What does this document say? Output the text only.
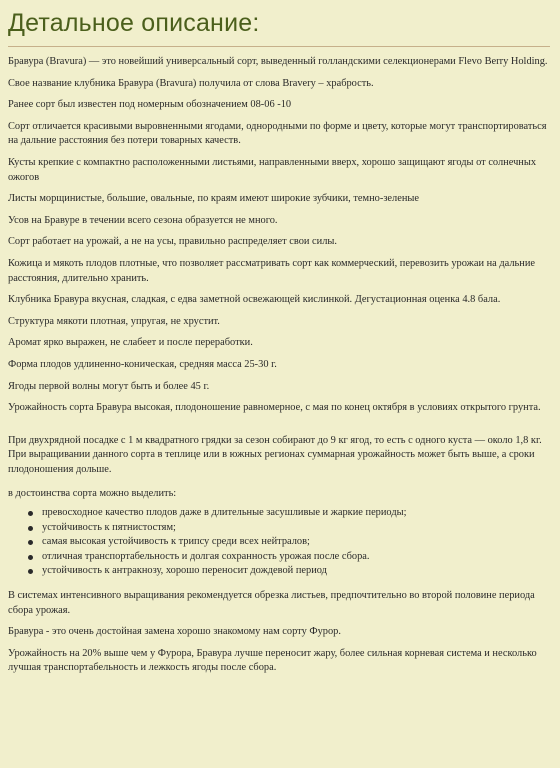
Детальное описание:

Бравура (Bravura) — это новейший универсальный сорт, выведенный голландскими селекционерами Flevo Berry Holding.

Свое название клубника Бравура (Bravura) получила от слова Bravery – храбрость.

Ранее сорт был известен под номерным обозначением 08-06 -10

Сорт отличается красивыми выровненными ягодами, однородными по форме и цвету, которые могут транспортироваться на дальние расстояния без потери товарных качеств.

Кусты крепкие с компактно расположенными листьями, направленными вверх, хорошо защищают ягоды от солнечных ожогов

Листы морщинистые, большие, овальные, по краям имеют широкие зубчики, темно-зеленые

Усов на Бравуре в течении всего сезона образуется не много.

Сорт работает на урожай, а не на усы, правильно распределяет свои силы.

Кожица и мякоть плодов плотные, что позволяет рассматривать сорт как коммерческий, перевозить урожаи на дальние расстояния, длительно хранить.

Клубника Бравура вкусная, сладкая, с едва заметной освежающей кислинкой. Дегустационная оценка 4.8 бала.

Структура мякоти плотная, упругая, не хрустит.

Аромат ярко выражен, не слабеет и после переработки.

Форма плодов удлиненно-коническая, средняя масса 25-30 г.

Ягоды первой волны могут быть и более 45 г.

Урожайность сорта Бравура высокая, плодоношение равномерное, с мая по конец октября в условиях открытого грунта.

При двухрядной посадке с 1 м квадратного грядки за сезон собирают до 9 кг ягод, то есть с одного куста — около 1,8 кг.

При выращивании данного сорта в теплице или в южных регионах суммарная урожайность может быть выше, а сроки плодоношения дольше.

в достоинства сорта можно выделить:

превосходное качество плодов даже в длительные засушливые и жаркие периоды;
устойчивость к пятнистостям;
самая высокая устойчивость к трипсу среди всех нейтралов;
отличная транспортабельность и долгая сохранность урожая после сбора.
устойчивость к антракнозу, хорошо переносит дождевой период

В системах интенсивного выращивания рекомендуется обрезка листьев, предпочтительно во второй половине периода сбора урожая.

Бравура - это очень достойная замена хорошо знакомому нам сорту Фурор.

Урожайность на 20% выше чем у Фурора, Бравура лучше переносит жару, более сильная корневая система и несколько лучшая транспортабельность и лежкость ягоды после сбора.
